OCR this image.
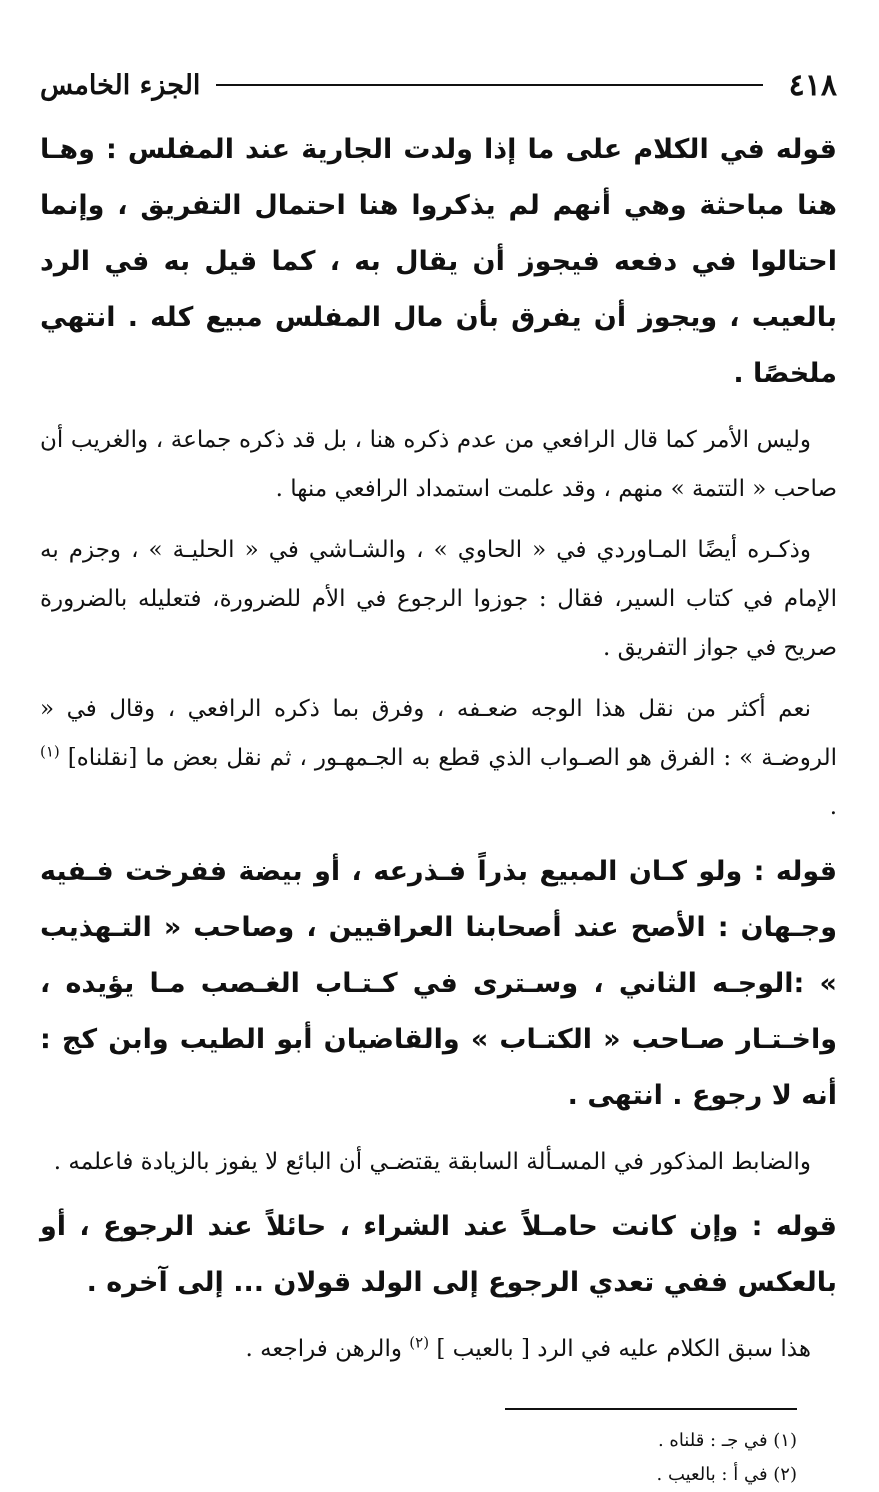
٤١٨
الجزء الخامس

قوله في الكلام على ما إذا ولدت الجارية عند المفلس : وهـا هنا مباحثة وهي أنهم لم يذكروا هنا احتمال التفريق ، وإنما احتالوا في دفعه فيجوز أن يقال به ، كما قيل به في الرد بالعيب ، ويجوز أن يفرق بأن مال المفلس مبيع كله . انتهي ملخصًا .

وليس الأمر كما قال الرافعي من عدم ذكره هنا ، بل قد ذكره جماعة ، والغريب أن صاحب « التتمة » منهم ، وقد علمت استمداد الرافعي منها .

وذكـره أيضًا المـاوردي في « الحاوي » ، والشـاشي في « الحليـة » ، وجزم به الإمام في كتاب السير، فقال : جوزوا الرجوع في الأم للضرورة، فتعليله بالضرورة صريح في جواز التفريق .

نعم أكثر من نقل هذا الوجه ضعـفه ، وفرق بما ذكره الرافعي ، وقال في « الروضـة » : الفرق هو الصـواب الذي قطع به الجـمهـور ، ثم نقل بعض ما [نقلناه] $^{(١)}$ .

قوله : ولو كـان المبيع بذراً فـذرعه ، أو بيضة ففرخت فـفيه وجـهان : الأصح عند أصحابنا العراقيين ، وصاحب « التـهذيب » :الوجـه الثاني ، وسـترى في كـتـاب الغـصب مـا يؤيده ، واخـتـار صـاحب « الكتـاب » والقاضيان أبو الطيب وابن كج : أنه لا رجوع . انتهى .

والضابط المذكور في المسـألة السابقة يقتضـي أن البائع لا يفوز بالزيادة فاعلمه .

قوله : وإن كانت حامـلاً عند الشراء ، حائلاً عند الرجوع ، أو بالعكس ففي تعدي الرجوع إلى الولد قولان ... إلى آخره .

هذا سبق الكلام عليه في الرد [ بالعيب ] $^{(٢)}$ والرهن فراجعه .

(١) في جـ : قلناه .

(٢) في أ : بالعيب .
